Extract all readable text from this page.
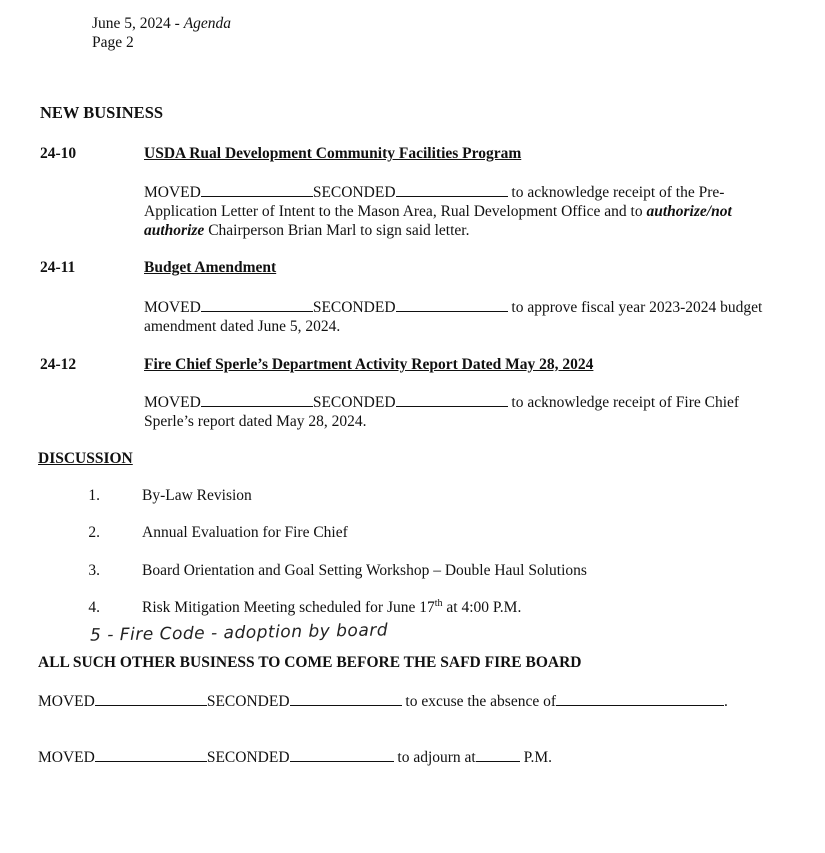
June 5, 2024 - Agenda
Page 2
NEW BUSINESS
24-10	USDA Rual Development Community Facilities Program
MOVED	SECONDED	to acknowledge receipt of the Pre-Application Letter of Intent to the Mason Area, Rual Development Office and to authorize/not authorize Chairperson Brian Marl to sign said letter.
24-11	Budget Amendment
MOVED	SECONDED	to approve fiscal year 2023-2024 budget amendment dated June 5, 2024.
24-12	Fire Chief Sperle’s Department Activity Report Dated May 28, 2024
MOVED	SECONDED	to acknowledge receipt of Fire Chief Sperle’s report dated May 28, 2024.
DISCUSSION
1.	By-Law Revision
2.	Annual Evaluation for Fire Chief
3.	Board Orientation and Goal Setting Workshop – Double Haul Solutions
4.	Risk Mitigation Meeting scheduled for June 17th at 4:00 P.M.
5 - Fire Code - adoption by board
ALL SUCH OTHER BUSINESS TO COME BEFORE THE SAFD FIRE BOARD
MOVED	SECONDED	to excuse the absence of	.
MOVED	SECONDED	to adjourn at	P.M.
